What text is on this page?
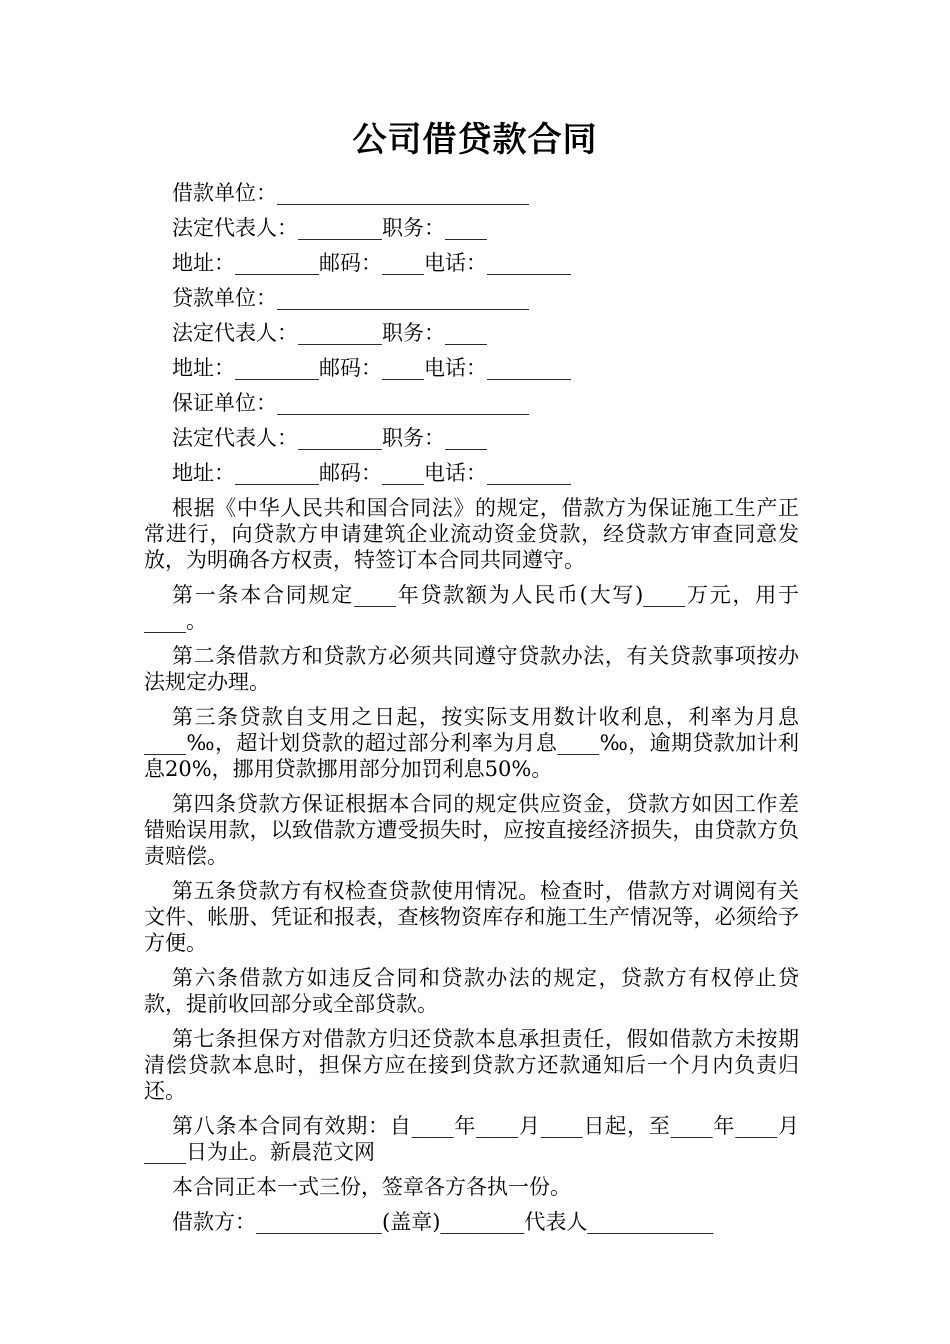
公司借贷款合同
借款单位：________________________
法定代表人：________职务：____
地址：________邮码：____电话：________
贷款单位：________________________
法定代表人：________职务：____
地址：________邮码：____电话：________
保证单位：________________________
法定代表人：________职务：____
地址：________邮码：____电话：________
根据《中华人民共和国合同法》的规定，借款方为保证施工生产正常进行，向贷款方申请建筑企业流动资金贷款，经贷款方审查同意发放，为明确各方权责，特签订本合同共同遵守。
第一条本合同规定____年贷款额为人民币(大写)____万元，用于____。
第二条借款方和贷款方必须共同遵守贷款办法，有关贷款事项按办法规定办理。
第三条贷款自支用之日起，按实际支用数计收利息，利率为月息____‰，超计划贷款的超过部分利率为月息____‰，逾期贷款加计利息20%，挪用贷款挪用部分加罚利息50%。
第四条贷款方保证根据本合同的规定供应资金，贷款方如因工作差错贻误用款，以致借款方遭受损失时，应按直接经济损失，由贷款方负责赔偿。
第五条贷款方有权检查贷款使用情况。检查时，借款方对调阅有关文件、帐册、凭证和报表，查核物资库存和施工生产情况等，必须给予方便。
第六条借款方如违反合同和贷款办法的规定，贷款方有权停止贷款，提前收回部分或全部贷款。
第七条担保方对借款方归还贷款本息承担责任，假如借款方未按期清偿贷款本息时，担保方应在接到贷款方还款通知后一个月内负责归还。
第八条本合同有效期：自____年____月____日起，至____年____月____日为止。新晨范文网
本合同正本一式三份，签章各方各执一份。
借款方：____________(盖章)________代表人____________
